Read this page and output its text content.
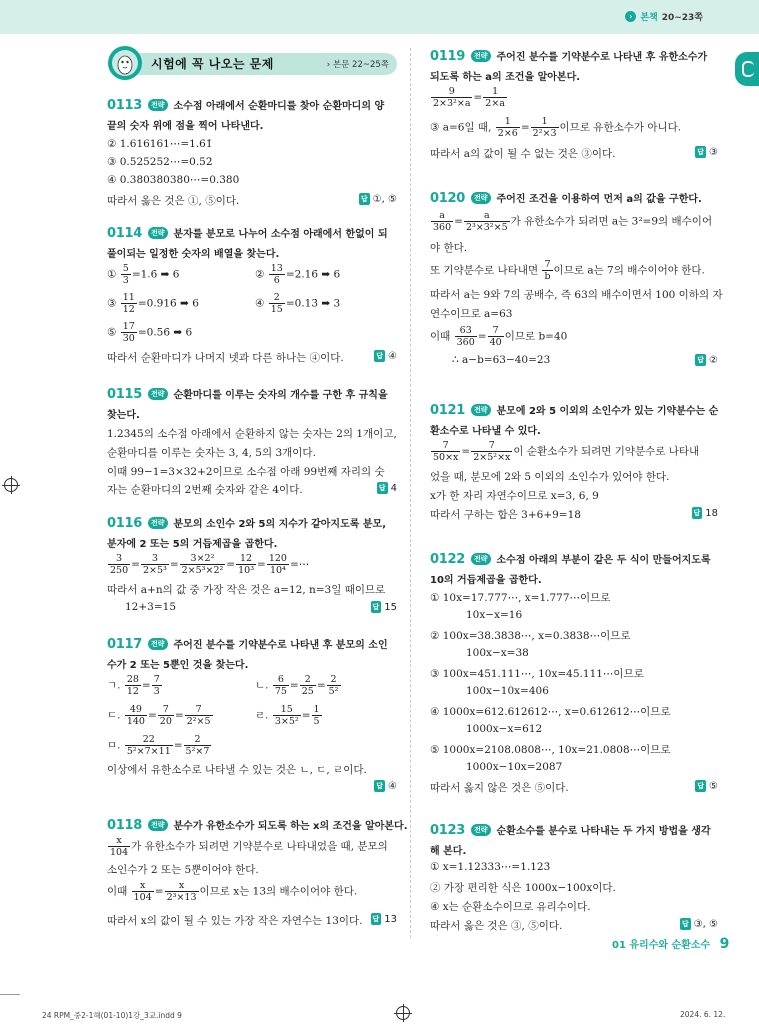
› 본책 20~23쪽
시험에 꼭 나오는 문제	› 본문 22~25쪽
0113 전략 소수점 아래에서 순환마디를 찾아 순환마디의 양
끝의 숫자 위에 점을 찍어 나타낸다.
② 1.616161⋯=1.6̇1̇
③ 0.525252⋯=0.5̇2̇
④ 0.380380380⋯=0.3̇80̇
따라서 옳은 것은 ①, ⑤이다.	답 ①, ⑤
0114 전략 분자를 분모로 나누어 소수점 아래에서 한없이 되
풀이되는 일정한 숫자의 배열을 찾는다.
① $\frac{5}{3}$ =1.6̇ ➡ 6	② $\frac{13}{6}$ =2.16̇ ➡ 6
③ $\frac{11}{12}$ =0.916̇ ➡ 6	④ $\frac{2}{15}$ =0.13̇ ➡ 3
⑤ $\frac{17}{30}$ =0.56̇ ➡ 6
따라서 순환마디가 나머지 넷과 다른 하나는 ④이다.	답 ④
0115 전략 순환마디를 이루는 숫자의 개수를 구한 후 규칙을
찾는다.
1.23̇45̇의 소수점 아래에서 순환하지 않는 숫자는 2의 1개이고,
순환마디를 이루는 숫자는 3, 4, 5의 3개이다.
이때 99−1=3×32+2이므로 소수점 아래 99번째 자리의 숫
자는 순환마디의 2번째 숫자와 같은 4이다.	답 4
0116 전략 분모의 소인수 2와 5의 지수가 같아지도록 분모,
분자에 2 또는 5의 거듭제곱을 곱한다.
$\frac{3}{250} = \frac{3}{\text{2×5³}} = \frac{\text{3×2²}}{\text{2×5³×2²}} = \frac{12}{\text{10³}} = \frac{120}{\text{10⁴}}$ =⋯
따라서 a+n의 값 중 가장 작은 것은 a=12, n=3일 때이므로
12+3=15	답 15
0117 전략 주어진 분수를 기약분수로 나타낸 후 분모의 소인
수가 2 또는 5뿐인 것을 찾는다.
ㄱ. $\frac{28}{12} = \frac{7}{3}$	ㄴ. $\frac{6}{75} = \frac{2}{25} = \frac{2}{\text{5²}}$
ㄷ. $\frac{49}{140} = \frac{7}{20} = \frac{7}{\text{2²×5}}$	ㄹ. $\frac{15}{\text{3×5²}} = \frac{1}{5}$
ㅁ. $\frac{22}{\text{5²×7×11}} = \frac{2}{\text{5²×7}}$
이상에서 유한소수로 나타낼 수 있는 것은 ㄴ, ㄷ, ㄹ이다.
답 ④
0118 전략 분수가 유한소수가 되도록 하는 x의 조건을 알아본다.
$\frac{x}{104}$ 가 유한소수가 되려면 기약분수로 나타내었을 때, 분모의
소인수가 2 또는 5뿐이어야 한다.
이때 $\frac{x}{104} = \frac{x}{\text{2³×13}}$ 이므로 x는 13의 배수이어야 한다.
따라서 x의 값이 될 수 있는 가장 작은 자연수는 13이다. 답 13
0119 전략 주어진 분수를 기약분수로 나타낸 후 유한소수가
되도록 하는 a의 조건을 알아본다.
$\frac{9}{\text{2×3²×a}} = \frac{1}{2\times a}$
③ a=6일 때, $\frac{1}{2\times 6} = \frac{1}{\text{2²×3}}$ 이므로 유한소수가 아니다.
따라서 a의 값이 될 수 없는 것은 ③이다.	답 ③
0120 전략 주어진 조건을 이용하여 먼저 a의 값을 구한다.
$\frac{a}{360} = \frac{a}{\text{2³×3²×5}}$ 가 유한소수가 되려면 a는 3²=9의 배수이어
야 한다.
또 기약분수로 나타내면 $\frac{7}{b}$ 이므로 a는 7의 배수이어야 한다.
따라서 a는 9와 7의 공배수, 즉 63의 배수이면서 100 이하의 자
연수이므로 a=63
이때 $\frac{63}{360} = \frac{7}{40}$ 이므로 b=40
∴ a−b=63−40=23	답 ②
0121 전략 분모에 2와 5 이외의 소인수가 있는 기약분수는 순
환소수로 나타낼 수 있다.
$\frac{7}{50\times x} = \frac{7}{\text{2×5²×x}}$ 이 순환소수가 되려면 기약분수로 나타내
었을 때, 분모에 2와 5 이외의 소인수가 있어야 한다.
x가 한 자리 자연수이므로 x=3, 6, 9
따라서 구하는 합은 3+6+9=18	답 18
0122 전략 소수점 아래의 부분이 같은 두 식이 만들어지도록
10의 거듭제곱을 곱한다.
① 10x=17.777⋯, x=1.777⋯이므로
10x−x=16
② 100x=38.3838⋯, x=0.3838⋯이므로
100x−x=38
③ 100x=451.111⋯, 10x=45.111⋯이므로
100x−10x=406
④ 1000x=612.612612⋯, x=0.612612⋯이므로
1000x−x=612
⑤ 1000x=2108.0808⋯, 10x=21.0808⋯이므로
1000x−10x=2087
따라서 옳지 않은 것은 ⑤이다.	답 ⑤
0123 전략 순환소수를 분수로 나타내는 두 가지 방법을 생각
해 본다.
① x=1.12333⋯=1.123̇
② 가장 편리한 식은 1000x−100x이다.
④ x는 순환소수이므로 유리수이다.
따라서 옳은 것은 ③, ⑤이다.	답 ③, ⑤
01 유리수와 순환소수 9
24 RPM_중2-1해(01-10)1강_3교.indd 9	2024. 6. 12.
